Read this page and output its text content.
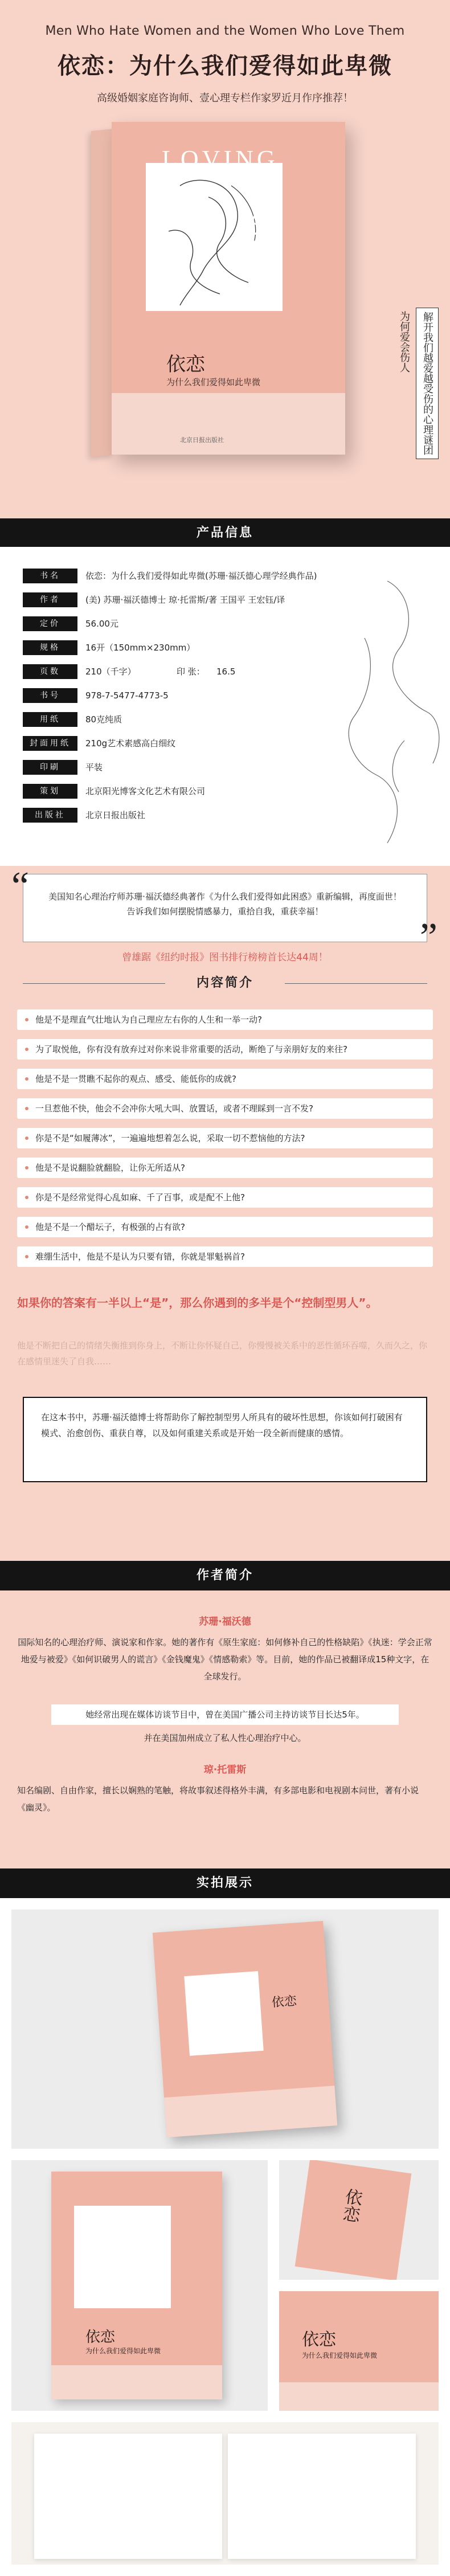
Men Who Hate Women and the Women Who Love Them
依恋：为什么我们爱得如此卑微
高级婚姻家庭咨询师、壹心理专栏作家罗近月作序推荐！
LOVING
HURTS
依恋
为什么我们爱得如此卑微
北京日报出版社	解开我们越爱越受伤的心理谜团
为何爱会伤人
产品信息
书名	依恋：为什么我们爱得如此卑微(苏珊·福沃德心理学经典作品)
作者	(美) 苏珊·福沃德博士 琼·托雷斯/著 王国平 王宏钰/译
定价	56.00元
规格	16开（150mm×230mm）
页数	210（千字）	印 张： 16.5
书号	978-7-5477-4773-5
用纸	80克纯质
封面用纸	210g艺术素感高白细纹
印刷	平装
策划	北京阳光博客文化艺术有限公司
出版社	北京日报出版社
美国知名心理治疗师苏珊·福沃德经典著作《为什么我们爱得如此困惑》重新编辑，再度面世！告诉我们如何摆脱情感暴力，重拾自我，重获幸福！
“
”
曾雄踞《纽约时报》图书排行榜榜首长达44周！
内容简介
他是不是理直气壮地认为自己理应左右你的人生和一举一动?
为了取悦他，你有没有放弃过对你来说非常重要的活动，断绝了与亲朋好友的来往?
他是不是一贯瞧不起你的观点、感受、能低你的成就?
一旦惹他不快，他会不会冲你大吼大叫、放置话，或者不理睬到一言不发?
你是不是“如履薄冰”，一遍遍地想着怎么说，采取一切不惹恼他的方法?
他是不是说翻脸就翻脸，让你无所适从?
你是不是经常觉得心乱如麻、千了百事，或是配不上他?
他是不是一个醋坛子，有极强的占有欲?
难绷生活中，他是不是认为只要有错，你就是罪魁祸首?
如果你的答案有一半以上“是”，那么你遇到的多半是个“控制型男人”。
他是不断把自己的情绪失衡推到你身上，不断让你怀疑自己，你慢慢被关系中的恶性循环吞噬，久而久之，你在感情里迷失了自我……
在这本书中，苏珊·福沃德博士将帮助你了解控制型男人所具有的破坏性思想，你该如何打破困有模式、治愈创伤、重获自尊，以及如何重建关系或是开始一段全新而健康的感情。
作者简介
苏珊·福沃德
国际知名的心理治疗师、演说家和作家。她的著作有《原生家庭：如何修补自己的性格缺陷》《执迷：学会正常地爱与被爱》《如何识破男人的谎言》《金钱魔鬼》《情感勒索》等。目前，她的作品已被翻译成15种文字，在全球发行。
她经常出现在媒体访谈节目中，曾在美国广播公司主持访谈节目长达5年。
并在美国加州成立了私人性心理治疗中心。
琼·托雷斯
知名编剧、自由作家，擅长以娴熟的笔触，将故事叙述得格外丰满，有多部电影和电视剧本问世，著有小说《幽灵》。
实拍展示
依恋
依恋
为什么我们爱得如此卑微
依恋
依恋
为什么我们爱得如此卑微
